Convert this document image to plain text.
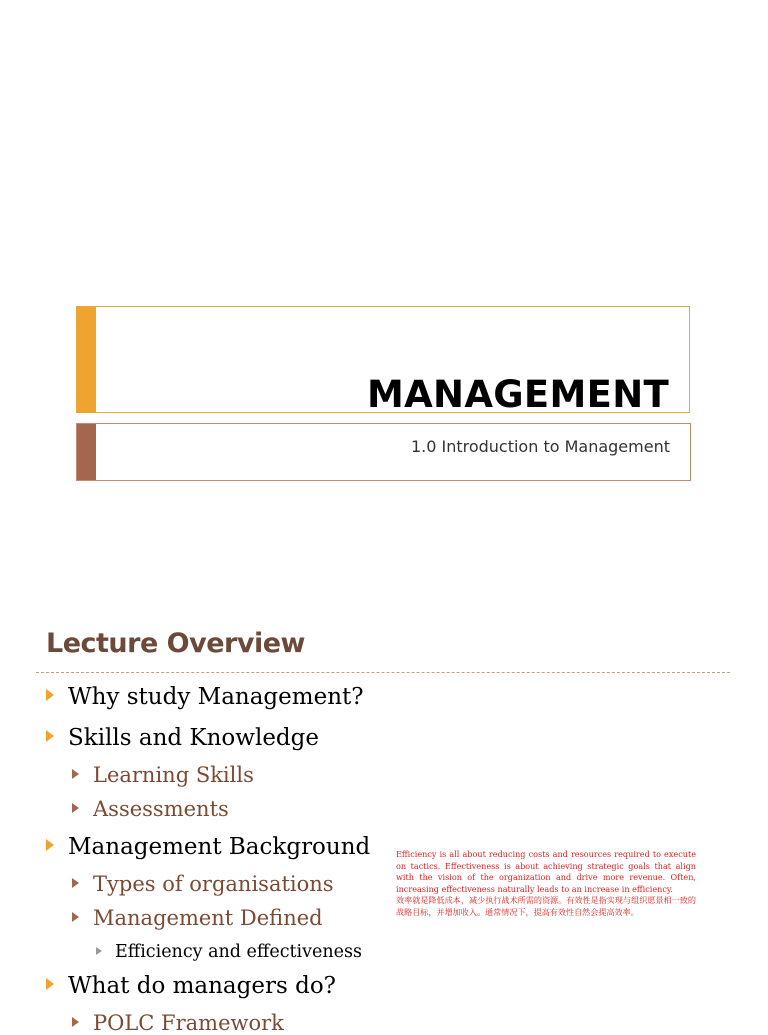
MANAGEMENT
1.0 Introduction to Management
Lecture Overview
Why study Management?
Skills and Knowledge
Learning Skills
Assessments
Management Background
Types of organisations
Management Defined
Efficiency and effectiveness
What do managers do?
POLC Framework

Efficiency is all about reducing costs and resources required to execute on tactics. Effectiveness is about achieving strategic goals that align with the vision of the organization and drive more revenue. Often, increasing effectiveness naturally leads to an increase in efficiency.

效率就是降低成本，减少执行战术所需的资源。有效性是指实现与组织愿景相一致的战略目标，并增加收入。通常情况下，提高有效性自然会提高效率。
